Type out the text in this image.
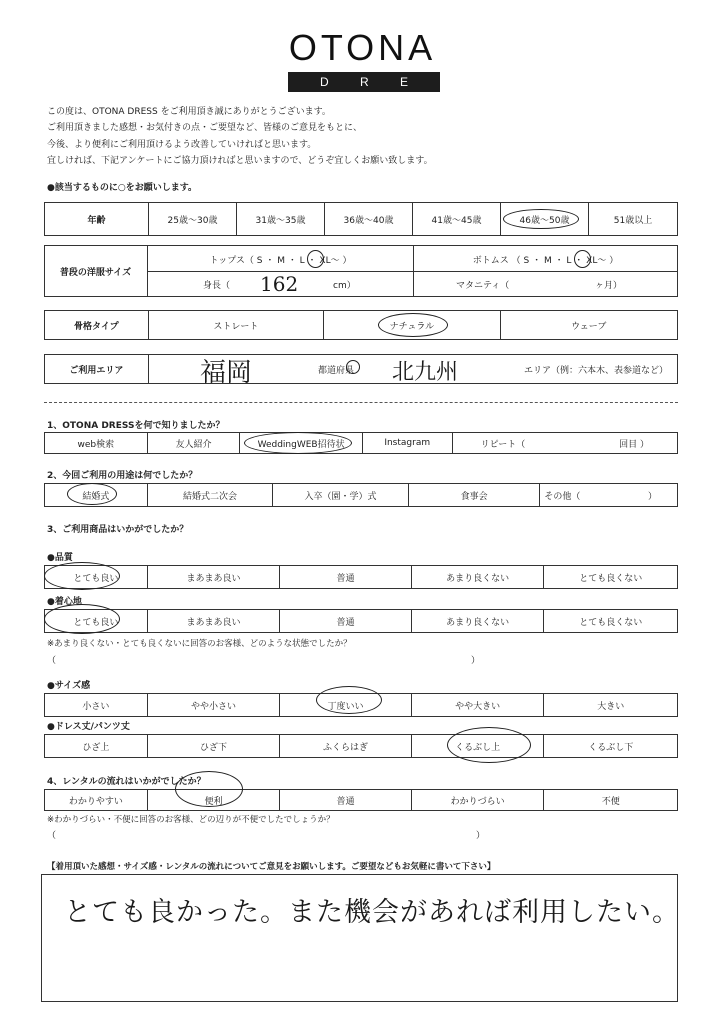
OTONA
D R E S S
この度は、OTONA DRESS をご利用頂き誠にありがとうございます。
ご利用頂きました感想・お気付きの点・ご要望など、皆様のご意見をもとに、
今後、より便利にご利用頂けるよう改善していければと思います。
宜しければ、下記アンケートにご協力頂ければと思いますので、どうぞ宜しくお願い致します。
●該当するものに○をお願いします。
年齢	25歳～30歳	31歳～35歳	36歳～40歳	41歳～45歳	46歳～50歳	51歳以上
普段の洋服サイズ
トップス（ S ・ M ・ L ・ XL～ ）	ボトムス （ S ・ M ・ L ・ XL～ ）
身長（ 162	cm）	マタニティ（	ヶ月）
骨格タイプ	ストレート	ナチュラル	ウェーブ
ご利用エリア	福岡	都道府県 北九州	エリア（例：六本木、表参道など）
1、OTONA DRESSを何で知りましたか？
web検索	友人紹介	WeddingWEB招待状	Instagram	リピート（	回目 ）
2、今回ご利用の用途は何でしたか？
結婚式	結婚式二次会	入卒（園・学）式	食事会	その他（	）
3、ご利用商品はいかがでしたか？
●品質
とても良い	まあまあ良い	普通	あまり良くない	とても良くない
●着心地
とても良い	まあまあ良い	普通	あまり良くない	とても良くない
※あまり良くない・とても良くないに回答のお客様、どのような状態でしたか？
（	）
●サイズ感
小さい	やや小さい	丁度いい	やや大きい	大きい
●ドレス丈/パンツ丈
ひざ上	ひざ下	ふくらはぎ	くるぶし上	くるぶし下
4、レンタルの流れはいかがでしたか？
わかりやすい	便利	普通	わかりづらい	不便
※わかりづらい・不便に回答のお客様、どの辺りが不便でしたでしょうか？
（	）
【着用頂いた感想・サイズ感・レンタルの流れについてご意見をお願いします。ご要望などもお気軽に書いて下さい】
とても良かった。また機会があれば利用したい。
